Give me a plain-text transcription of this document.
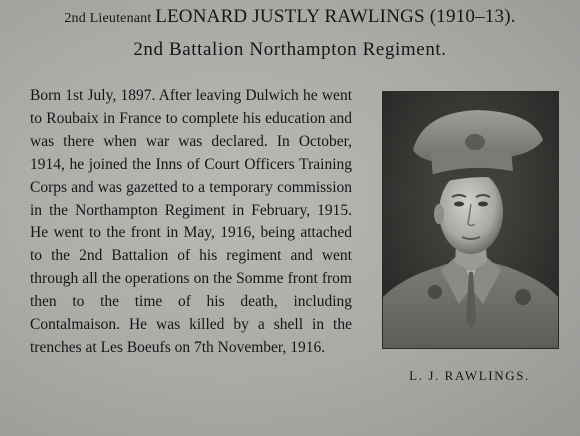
2nd Lieutenant LEONARD JUSTLY RAWLINGS (1910–13).
2nd Battalion Northampton Regiment.
Born 1st July, 1897. After leaving Dulwich he went to Roubaix in France to complete his education and was there when war was declared. In October, 1914, he joined the Inns of Court Officers Training Corps and was gazetted to a temporary commission in the Northampton Regiment in February, 1915. He went to the front in May, 1916, being attached to the 2nd Battalion of his regiment and went through all the operations on the Somme front from then to the time of his death, including Contalmaison. He was killed by a shell in the trenches at Les Boeufs on 7th November, 1916.
L. J. RAWLINGS.
